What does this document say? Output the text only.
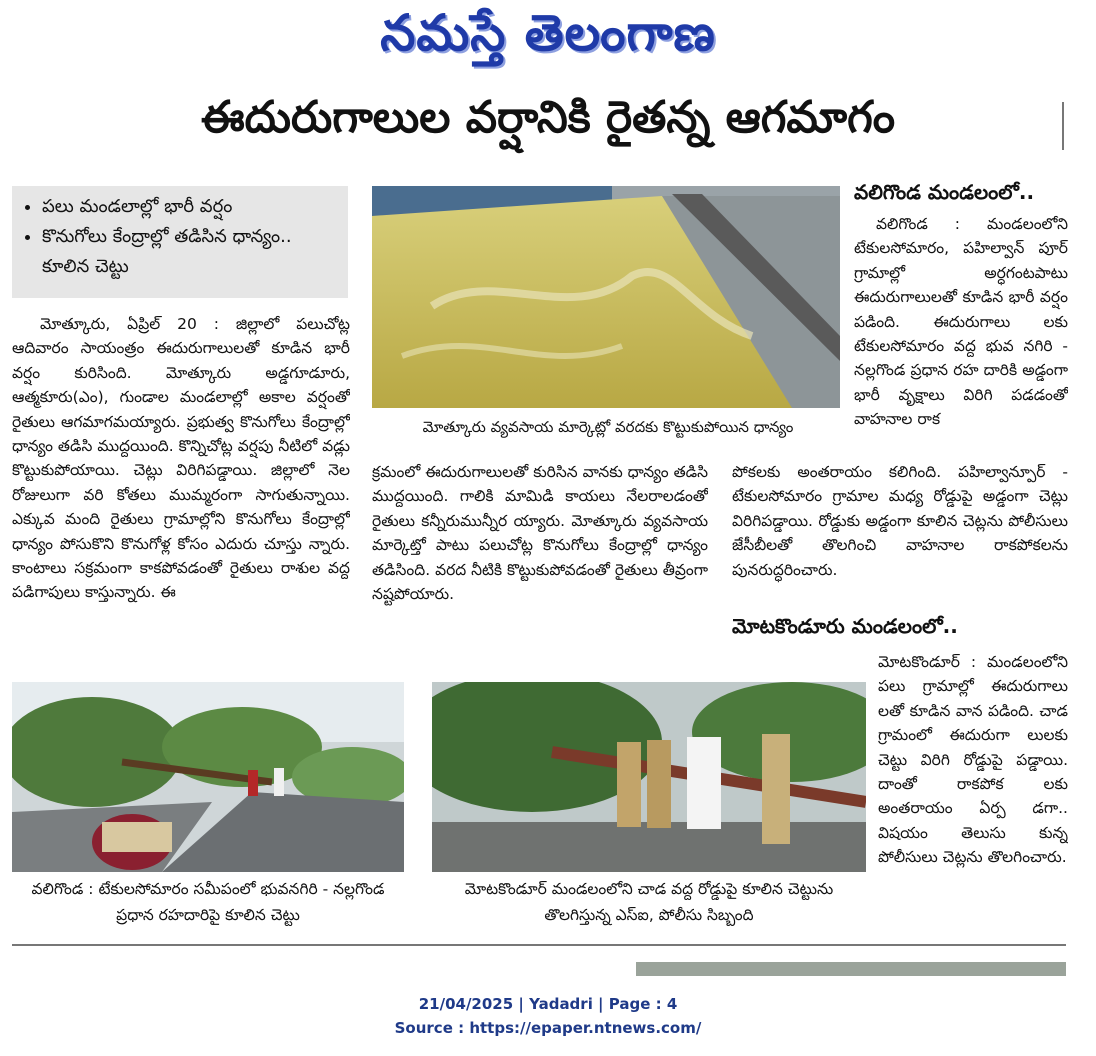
నమస్తే తెలంగాణ
ఈదురుగాలుల వర్షానికి రైతన్న ఆగమాగం
• పలు మండలాల్లో భారీ వర్షం
• కొనుగోలు కేంద్రాల్లో తడిసిన ధాన్యం.. కూలిన చెట్టు

మోత్కూరు, ఏప్రిల్ 20 : జిల్లాలో పలుచోట్ల ఆదివారం సాయంత్రం ఈదురుగాలులతో కూడిన భారీ వర్షం కురిసింది. మోత్కూరు అడ్డగూడూరు, ఆత్మకూరు(ఎం), గుండాల మండలాల్లో అకాల వర్షంతో రైతులు ఆగమాగమయ్యారు. ప్రభుత్వ కొనుగోలు కేంద్రాల్లో ధాన్యం తడిసి ముద్దయింది. కొన్నిచోట్ల వర్షపు నీటిలో వడ్లు కొట్టుకుపోయాయి. చెట్లు విరిగిపడ్డాయి. జిల్లాలో నెల రోజులుగా వరి కోతలు ముమ్మరంగా సాగుతున్నాయి. ఎక్కువ మంది రైతులు గ్రామాల్లోని కొనుగోలు కేంద్రాల్లో ధాన్యం పోసుకొని కొనుగోళ్ల కోసం ఎదురు చూస్తు న్నారు. కాంటాలు సక్రమంగా కాకపోవడంతో రైతులు రాశుల వద్ద పడిగాపులు కాస్తున్నారు. ఈ

మోత్కూరు వ్యవసాయ మార్కెట్లో వరదకు కొట్టుకుపోయిన ధాన్యం

క్రమంలో ఈదురుగాలులతో కురిసిన వానకు ధాన్యం తడిసి ముద్దయింది. గాలికి మామిడి కాయలు నేలరాలడంతో రైతులు కన్నీరుమున్నీర య్యారు. మోత్కూరు వ్యవసాయ మార్కెట్తో పాటు పలుచోట్ల కొనుగోలు కేంద్రాల్లో ధాన్యం తడిసింది. వరద నీటికి కొట్టుకుపోవడంతో రైతులు తీవ్రంగా నష్టపోయారు.

వలిగొండ మండలంలో..

వలిగొండ : మండలంలోని టేకులసోమారం, పహిల్వాన్ పూర్ గ్రామాల్లో అర్ధగంటపాటు ఈదురుగాలులతో కూడిన భారీ వర్షం పడింది. ఈదురుగాలు లకు టేకులసోమారం వద్ద భువ నగిరి - నల్లగొండ ప్రధాన రహ దారికి అడ్డంగా భారీ వృక్షాలు విరిగి పడడంతో వాహనాల రాక

పోకలకు అంతరాయం కలిగింది. పహిల్వాన్పూర్ - టేకులసోమారం గ్రామాల మధ్య రోడ్డుపై అడ్డంగా చెట్లు విరిగిపడ్డాయి. రోడ్డుకు అడ్డంగా కూలిన చెట్లను పోలీసులు జేసీబీలతో తొలగించి వాహనాల రాకపోకలను పునరుద్ధరించారు.

మోటకొండూరు మండలంలో..

మోటకొండూర్ : మండలంలోని పలు గ్రామాల్లో ఈదురుగాలు లతో కూడిన వాన పడింది. చాడ గ్రామంలో ఈదురుగా లులకు చెట్టు విరిగి రోడ్డుపై పడ్డాయి. దాంతో రాకపోక లకు అంతరాయం ఏర్ప డగా.. విషయం తెలుసు కున్న పోలీసులు చెట్లను తొలగించారు.

వలిగొండ : టేకులసోమారం సమీపంలో భువనగిరి - నల్లగొండ ప్రధాన రహదారిపై కూలిన చెట్టు
మోటకొండూర్ మండలంలోని చాడ వద్ద రోడ్డుపై కూలిన చెట్టును తొలగిస్తున్న ఎస్ఐ, పోలీసు సిబ్బంది
21/04/2025 | Yadadri | Page : 4
Source : https://epaper.ntnews.com/
